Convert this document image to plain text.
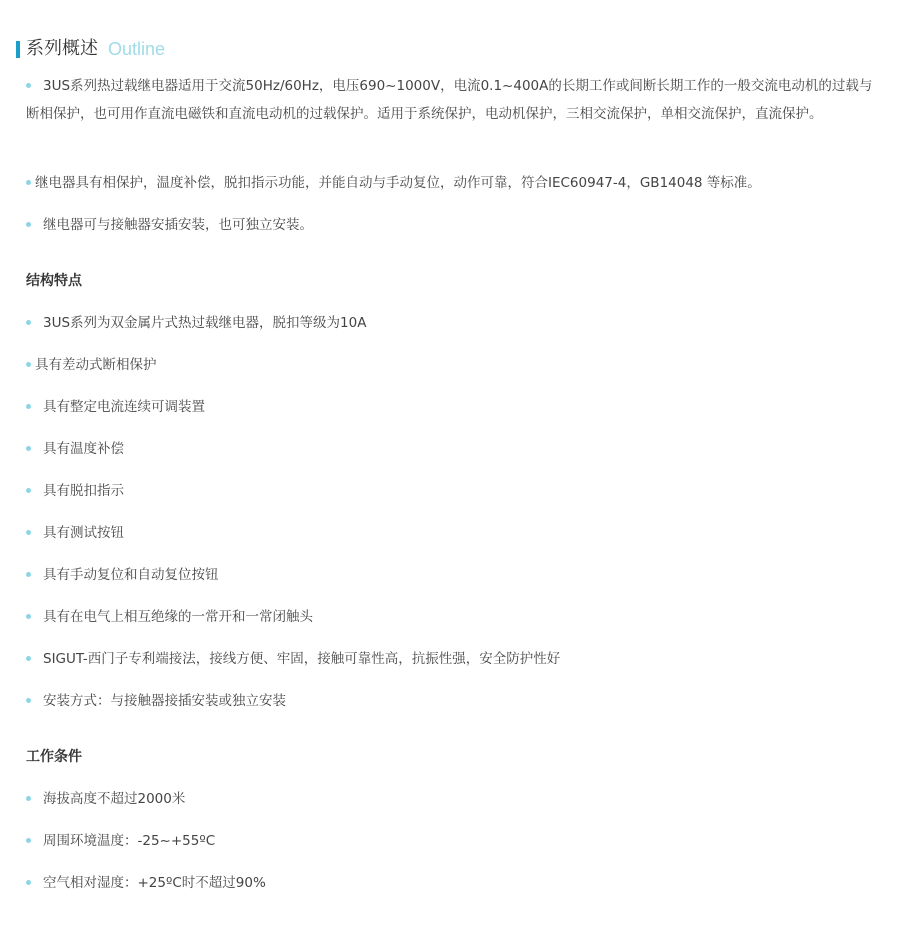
系列概述 Outline
3US系列热过载继电器适用于交流50Hz/60Hz，电压690~1000V，电流0.1~400A的长期工作或间断长期工作的一般交流电动机的过载与断相保护，也可用作直流电磁铁和直流电动机的过载保护。适用于系统保护，电动机保护，三相交流保护，单相交流保护，直流保护。
继电器具有相保护，温度补偿，脱扣指示功能，并能自动与手动复位，动作可靠，符合IEC60947-4，GB14048 等标准。
继电器可与接触器安插安装，也可独立安装。
结构特点
3US系列为双金属片式热过载继电器，脱扣等级为10A
具有差动式断相保护
具有整定电流连续可调装置
具有温度补偿
具有脱扣指示
具有测试按钮
具有手动复位和自动复位按钮
具有在电气上相互绝缘的一常开和一常闭触头
SIGUT-西门子专利端接法，接线方便、牢固，接触可靠性高，抗振性强，安全防护性好
安装方式：与接触器接插安装或独立安装
工作条件
海拔高度不超过2000米
周围环境温度：-25~+55ºC
空气相对湿度：+25ºC时不超过90%
